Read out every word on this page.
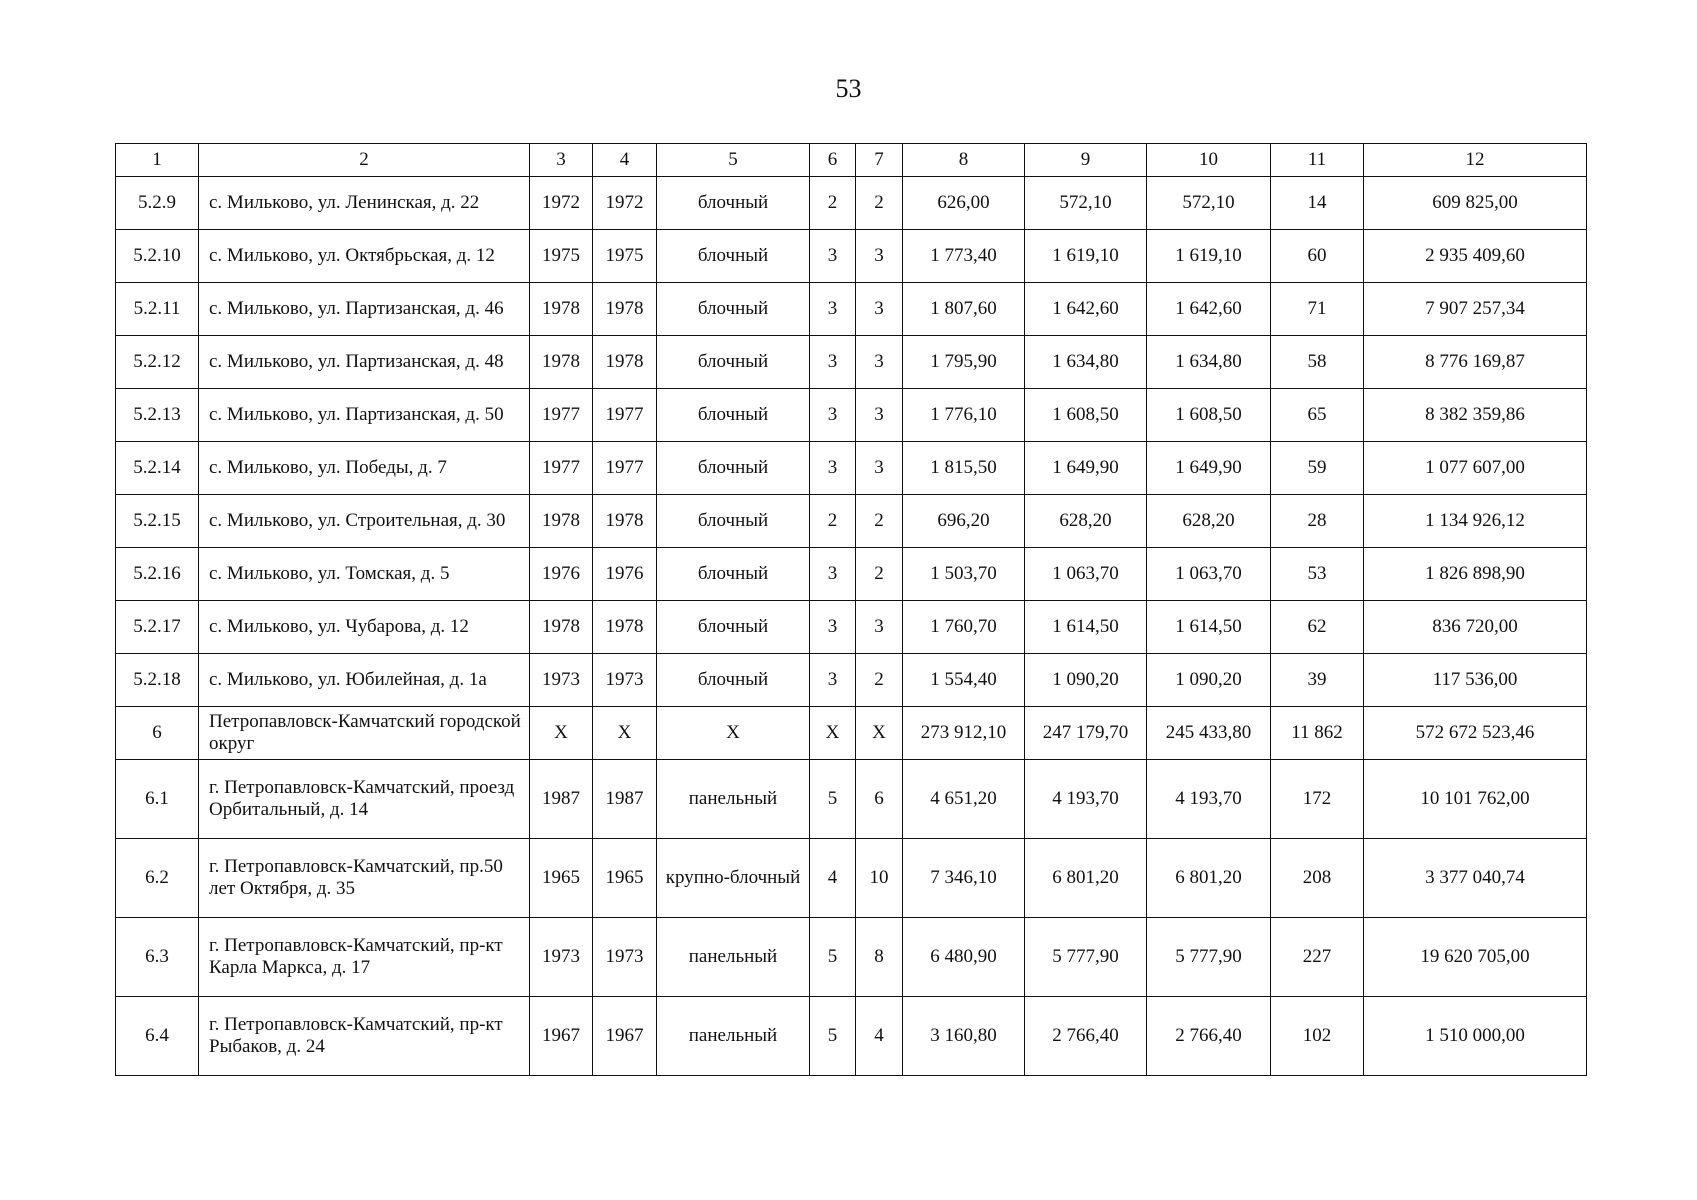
53
1	2	3	4	5	6	7	8	9	10	11	12
5.2.9	с. Мильково, ул. Ленинская, д. 22	1972	1972	блочный	2	2	626,00	572,10	572,10	14	609 825,00
5.2.10	с. Мильково, ул. Октябрьская, д. 12	1975	1975	блочный	3	3	1 773,40	1 619,10	1 619,10	60	2 935 409,60
5.2.11	с. Мильково, ул. Партизанская, д. 46	1978	1978	блочный	3	3	1 807,60	1 642,60	1 642,60	71	7 907 257,34
5.2.12	с. Мильково, ул. Партизанская, д. 48	1978	1978	блочный	3	3	1 795,90	1 634,80	1 634,80	58	8 776 169,87
5.2.13	с. Мильково, ул. Партизанская, д. 50	1977	1977	блочный	3	3	1 776,10	1 608,50	1 608,50	65	8 382 359,86
5.2.14	с. Мильково, ул. Победы, д. 7	1977	1977	блочный	3	3	1 815,50	1 649,90	1 649,90	59	1 077 607,00
5.2.15	с. Мильково, ул. Строительная, д. 30	1978	1978	блочный	2	2	696,20	628,20	628,20	28	1 134 926,12
5.2.16	с. Мильково, ул. Томская, д. 5	1976	1976	блочный	3	2	1 503,70	1 063,70	1 063,70	53	1 826 898,90
5.2.17	с. Мильково, ул. Чубарова, д. 12	1978	1978	блочный	3	3	1 760,70	1 614,50	1 614,50	62	836 720,00
5.2.18	с. Мильково, ул. Юбилейная, д. 1а	1973	1973	блочный	3	2	1 554,40	1 090,20	1 090,20	39	117 536,00
6	Петропавловск-Камчатский городской округ	Х	Х	Х	Х	Х	273 912,10	247 179,70	245 433,80	11 862	572 672 523,46
6.1	г. Петропавловск-Камчатский, проезд Орбитальный, д. 14	1987	1987	панельный	5	6	4 651,20	4 193,70	4 193,70	172	10 101 762,00
6.2	г. Петропавловск-Камчатский, пр.50 лет Октября, д. 35	1965	1965	крупно-блочный	4	10	7 346,10	6 801,20	6 801,20	208	3 377 040,74
6.3	г. Петропавловск-Камчатский, пр-кт Карла Маркса, д. 17	1973	1973	панельный	5	8	6 480,90	5 777,90	5 777,90	227	19 620 705,00
6.4	г. Петропавловск-Камчатский, пр-кт Рыбаков, д. 24	1967	1967	панельный	5	4	3 160,80	2 766,40	2 766,40	102	1 510 000,00
